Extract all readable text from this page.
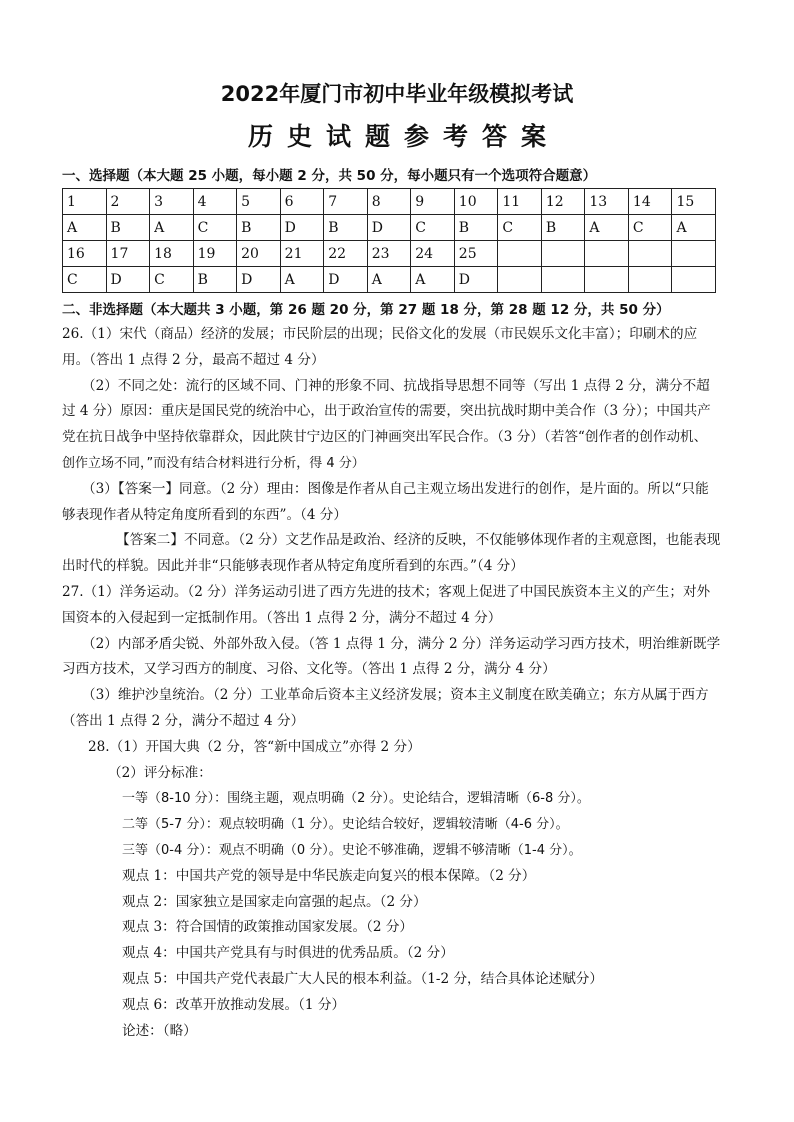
2022年厦门市初中毕业年级模拟考试
历史试题参考答案
一、选择题（本大题 25 小题，每小题 2 分，共 50 分，每小题只有一个选项符合题意）
1	2	3	4	5	6	7	8	9	10	11	12	13	14	15
A	B	A	C	B	D	B	D	C	B	C	B	A	C	A
16	17	18	19	20	21	22	23	24	25					
C	D	C	B	D	A	D	A	A	D					
二、非选择题（本大题共 3 小题，第 26 题 20 分，第 27 题 18 分，第 28 题 12 分，共 50 分）

26.（1）宋代（商品）经济的发展；市民阶层的出现；民俗文化的发展（市民娱乐文化丰富）；印刷术的应

用。（答出 1 点得 2 分，最高不超过 4 分）

（2）不同之处：流行的区域不同、门神的形象不同、抗战指导思想不同等（写出 1 点得 2 分，满分不超

过 4 分）原因：重庆是国民党的统治中心，出于政治宣传的需要，突出抗战时期中美合作（3 分）；中国共产

党在抗日战争中坚持依靠群众，因此陕甘宁边区的门神画突出军民合作。（3 分）（若答“创作者的创作动机、

创作立场不同，”而没有结合材料进行分析，得 4 分）

（3）【答案一】同意。（2 分）理由：图像是作者从自己主观立场出发进行的创作，是片面的。所以“只能

够表现作者从特定角度所看到的东西”。（4 分）

【答案二】不同意。（2 分）文艺作品是政治、经济的反映，不仅能够体现作者的主观意图，也能表现

出时代的样貌。因此并非“只能够表现作者从特定角度所看到的东西。”（4 分）

27.（1）洋务运动。（2 分）洋务运动引进了西方先进的技术；客观上促进了中国民族资本主义的产生；对外

国资本的入侵起到一定抵制作用。（答出 1 点得 2 分，满分不超过 4 分）

（2）内部矛盾尖锐、外部外敌入侵。（答 1 点得 1 分，满分 2 分）洋务运动学习西方技术，明治维新既学

习西方技术，又学习西方的制度、习俗、文化等。（答出 1 点得 2 分，满分 4 分）

（3）维护沙皇统治。（2 分）工业革命后资本主义经济发展；资本主义制度在欧美确立；东方从属于西方

（答出 1 点得 2 分，满分不超过 4 分）

28.（1）开国大典（2 分，答“新中国成立”亦得 2 分）

（2）评分标准：

一等（8-10 分）：围绕主题，观点明确（2 分）。史论结合，逻辑清晰（6-8 分）。

二等（5-7 分）：观点较明确（1 分）。史论结合较好，逻辑较清晰（4-6 分）。

三等（0-4 分）：观点不明确（0 分）。史论不够准确，逻辑不够清晰（1-4 分）。

观点 1：中国共产党的领导是中华民族走向复兴的根本保障。（2 分）

观点 2：国家独立是国家走向富强的起点。（2 分）

观点 3：符合国情的政策推动国家发展。（2 分）

观点 4：中国共产党具有与时俱进的优秀品质。（2 分）

观点 5：中国共产党代表最广大人民的根本利益。（1-2 分，结合具体论述赋分）

观点 6：改革开放推动发展。（1 分）

论述：（略）
